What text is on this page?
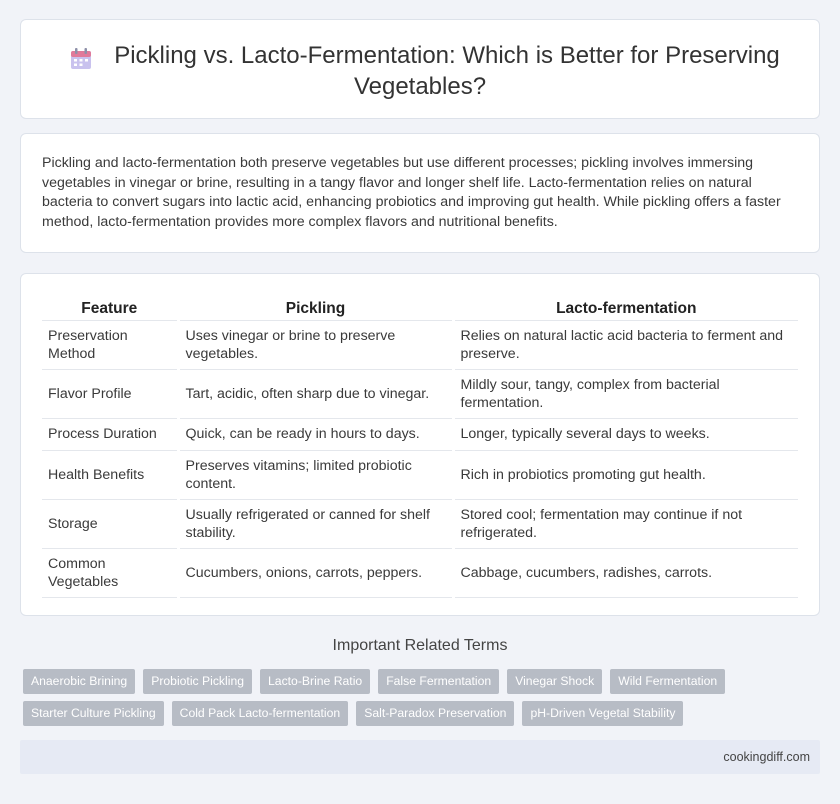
Pickling vs. Lacto-Fermentation: Which is Better for Preserving
Vegetables?

Pickling and lacto-fermentation both preserve vegetables but use different processes; pickling involves immersing vegetables in vinegar or brine, resulting in a tangy flavor and longer shelf life. Lacto-fermentation relies on natural bacteria to convert sugars into lactic acid, enhancing probiotics and improving gut health. While pickling offers a faster method, lacto-fermentation provides more complex flavors and nutritional benefits.

Feature	Pickling	Lacto-fermentation
Preservation Method	Uses vinegar or brine to preserve vegetables.	Relies on natural lactic acid bacteria to ferment and preserve.
Flavor Profile	Tart, acidic, often sharp due to vinegar.	Mildly sour, tangy, complex from bacterial fermentation.
Process Duration	Quick, can be ready in hours to days.	Longer, typically several days to weeks.
Health Benefits	Preserves vitamins; limited probiotic content.	Rich in probiotics promoting gut health.
Storage	Usually refrigerated or canned for shelf stability.	Stored cool; fermentation may continue if not refrigerated.
Common Vegetables	Cucumbers, onions, carrots, peppers.	Cabbage, cucumbers, radishes, carrots.
Important Related Terms
Anaerobic Brining	Probiotic Pickling	Lacto-Brine Ratio	False Fermentation	Vinegar Shock	Wild Fermentation
Starter Culture Pickling	Cold Pack Lacto-fermentation	Salt-Paradox Preservation	pH-Driven Vegetal Stability
cookingdiff.com
